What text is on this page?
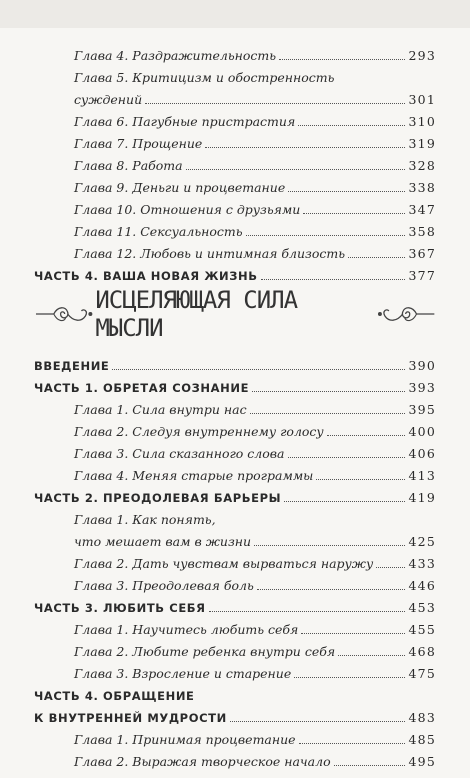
Глава 4. Раздражительность	293
Глава 5. Критицизм и обостренность
суждений	301
Глава 6. Пагубные пристрастия	310
Глава 7. Прощение	319
Глава 8. Работа	328
Глава 9. Деньги и процветание	338
Глава 10. Отношения с друзьями	347
Глава 11. Сексуальность	358
Глава 12. Любовь и интимная близость	367
ЧАСТЬ 4. ВАША НОВАЯ ЖИЗНЬ	377
ИСЦЕЛЯЮЩАЯ СИЛА МЫСЛИ
ВВЕДЕНИЕ	390
ЧАСТЬ 1. ОБРЕТАЯ СОЗНАНИЕ	393
Глава 1. Сила внутри нас	395
Глава 2. Следуя внутреннему голосу	400
Глава 3. Сила сказанного слова	406
Глава 4. Меняя старые программы	413
ЧАСТЬ 2. ПРЕОДОЛЕВАЯ БАРЬЕРЫ	419
Глава 1. Как понять,
что мешает вам в жизни	425
Глава 2. Дать чувствам вырваться наружу	433
Глава 3. Преодолевая боль	446
ЧАСТЬ 3. ЛЮБИТЬ СЕБЯ	453
Глава 1. Научитесь любить себя	455
Глава 2. Любите ребенка внутри себя	468
Глава 3. Взросление и старение	475
ЧАСТЬ 4. ОБРАЩЕНИЕ
К ВНУТРЕННЕЙ МУДРОСТИ	483
Глава 1. Принимая процветание	485
Глава 2. Выражая творческое начало	495
